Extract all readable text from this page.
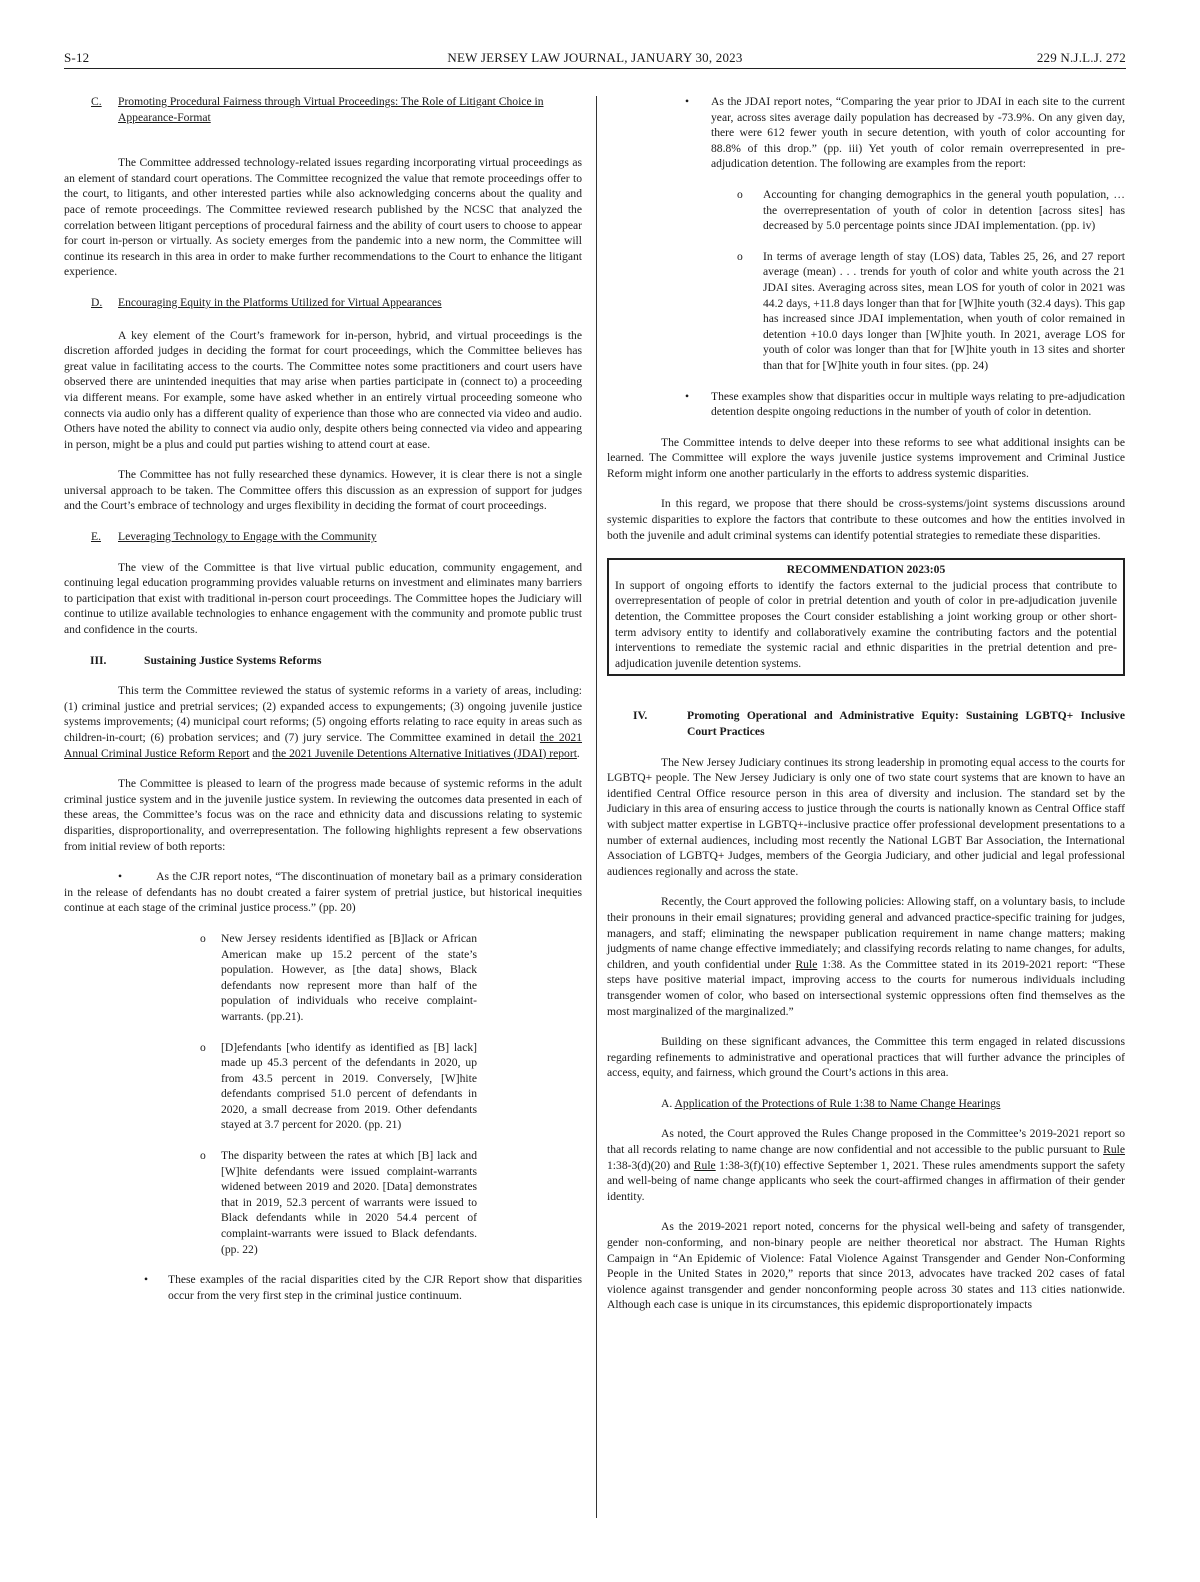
S-12	NEW JERSEY LAW JOURNAL, JANUARY 30, 2023	229 N.J.L.J. 272

C. Promoting Procedural Fairness through Virtual Proceedings: The Role of Litigant Choice in Appearance-Format

The Committee addressed technology-related issues regarding incorporating virtual proceedings as an element of standard court operations. The Committee recognized the value that remote proceedings offer to the court, to litigants, and other interested parties while also acknowledging concerns about the quality and pace of remote proceedings. The Committee reviewed research published by the NCSC that analyzed the correlation between litigant perceptions of procedural fairness and the ability of court users to choose to appear for court in-person or virtually. As society emerges from the pandemic into a new norm, the Committee will continue its research in this area in order to make further recommendations to the Court to enhance the litigant experience.

D. Encouraging Equity in the Platforms Utilized for Virtual Appearances

A key element of the Court’s framework for in-person, hybrid, and virtual proceedings is the discretion afforded judges in deciding the format for court proceedings, which the Committee believes has great value in facilitating access to the courts. The Committee notes some practitioners and court users have observed there are unintended inequities that may arise when parties participate in (connect to) a proceeding via different means. For example, some have asked whether in an entirely virtual proceeding someone who connects via audio only has a different quality of experience than those who are connected via video and audio. Others have noted the ability to connect via audio only, despite others being connected via video and appearing in person, might be a plus and could put parties wishing to attend court at ease.

The Committee has not fully researched these dynamics. However, it is clear there is not a single universal approach to be taken. The Committee offers this discussion as an expression of support for judges and the Court’s embrace of technology and urges flexibility in deciding the format of court proceedings.

E. Leveraging Technology to Engage with the Community

The view of the Committee is that live virtual public education, community engagement, and continuing legal education programming provides valuable returns on investment and eliminates many barriers to participation that exist with traditional in-person court proceedings. The Committee hopes the Judiciary will continue to utilize available technologies to enhance engagement with the community and promote public trust and confidence in the courts.

III.	Sustaining Justice Systems Reforms

This term the Committee reviewed the status of systemic reforms in a variety of areas, including: (1) criminal justice and pretrial services; (2) expanded access to expungements; (3) ongoing juvenile justice systems improvements; (4) municipal court reforms; (5) ongoing efforts relating to race equity in areas such as children-in-court; (6) probation services; and (7) jury service. The Committee examined in detail the 2021 Annual Criminal Justice Reform Report and the 2021 Juvenile Detentions Alternative Initiatives (JDAI) report.

The Committee is pleased to learn of the progress made because of systemic reforms in the adult criminal justice system and in the juvenile justice system. In reviewing the outcomes data presented in each of these areas, the Committee’s focus was on the race and ethnicity data and discussions relating to systemic disparities, disproportionality, and overrepresentation. The following highlights represent a few observations from initial review of both reports:

•	As the CJR report notes, “The discontinuation of monetary bail as a primary consideration in the release of defendants has no doubt created a fairer system of pretrial justice, but historical inequities continue at each stage of the criminal justice process.” (pp. 20)

o New Jersey residents identified as [B]lack or African American make up 15.2 percent of the state’s population. However, as [the data] shows, Black defendants now represent more than half of the population of individuals who receive complaint-warrants. (pp.21).

o [D]efendants [who identify as identified as [B] lack] made up 45.3 percent of the defendants in 2020, up from 43.5 percent in 2019. Conversely, [W]hite defendants comprised 51.0 percent of defendants in 2020, a small decrease from 2019. Other defendants stayed at 3.7 percent for 2020. (pp. 21)

o The disparity between the rates at which [B] lack and [W]hite defendants were issued complaint-warrants widened between 2019 and 2020. [Data] demonstrates that in 2019, 52.3 percent of warrants were issued to Black defendants while in 2020 54.4 percent of complaint-warrants were issued to Black defendants. (pp. 22)

• These examples of the racial disparities cited by the CJR Report show that disparities occur from the very first step in the criminal justice continuum.

• As the JDAI report notes, “Comparing the year prior to JDAI in each site to the current year, across sites average daily population has decreased by -73.9%. On any given day, there were 612 fewer youth in secure detention, with youth of color accounting for 88.8% of this drop.” (pp. iii) Yet youth of color remain overrepresented in pre-adjudication detention. The following are examples from the report:

o Accounting for changing demographics in the general youth population, … the overrepresentation of youth of color in detention [across sites] has decreased by 5.0 percentage points since JDAI implementation. (pp. iv)

o In terms of average length of stay (LOS) data, Tables 25, 26, and 27 report average (mean) . . . trends for youth of color and white youth across the 21 JDAI sites. Averaging across sites, mean LOS for youth of color in 2021 was 44.2 days, +11.8 days longer than that for [W]hite youth (32.4 days). This gap has increased since JDAI implementation, when youth of color remained in detention +10.0 days longer than [W]hite youth. In 2021, average LOS for youth of color was longer than that for [W]hite youth in 13 sites and shorter than that for [W]hite youth in four sites. (pp. 24)

• These examples show that disparities occur in multiple ways relating to pre-adjudication detention despite ongoing reductions in the number of youth of color in detention.

The Committee intends to delve deeper into these reforms to see what additional insights can be learned. The Committee will explore the ways juvenile justice systems improvement and Criminal Justice Reform might inform one another particularly in the efforts to address systemic disparities.

In this regard, we propose that there should be cross-systems/joint systems discussions around systemic disparities to explore the factors that contribute to these outcomes and how the entities involved in both the juvenile and adult criminal systems can identify potential strategies to remediate these disparities.

RECOMMENDATION 2023:05

In support of ongoing efforts to identify the factors external to the judicial process that contribute to overrepresentation of people of color in pretrial detention and youth of color in pre-adjudication juvenile detention, the Committee proposes the Court consider establishing a joint working group or other short-term advisory entity to identify and collaboratively examine the contributing factors and the potential interventions to remediate the systemic racial and ethnic disparities in the pretrial detention and pre-adjudication juvenile detention systems.

IV.	Promoting Operational and Administrative Equity: Sustaining LGBTQ+ Inclusive Court Practices

The New Jersey Judiciary continues its strong leadership in promoting equal access to the courts for LGBTQ+ people. The New Jersey Judiciary is only one of two state court systems that are known to have an identified Central Office resource person in this area of diversity and inclusion. The standard set by the Judiciary in this area of ensuring access to justice through the courts is nationally known as Central Office staff with subject matter expertise in LGBTQ+-inclusive practice offer professional development presentations to a number of external audiences, including most recently the National LGBT Bar Association, the International Association of LGBTQ+ Judges, members of the Georgia Judiciary, and other judicial and legal professional audiences regionally and across the state.

Recently, the Court approved the following policies: Allowing staff, on a voluntary basis, to include their pronouns in their email signatures; providing general and advanced practice-specific training for judges, managers, and staff; eliminating the newspaper publication requirement in name change matters; making judgments of name change effective immediately; and classifying records relating to name changes, for adults, children, and youth confidential under Rule 1:38. As the Committee stated in its 2019-2021 report: “These steps have positive material impact, improving access to the courts for numerous individuals including transgender women of color, who based on intersectional systemic oppressions often find themselves as the most marginalized of the marginalized.”

Building on these significant advances, the Committee this term engaged in related discussions regarding refinements to administrative and operational practices that will further advance the principles of access, equity, and fairness, which ground the Court’s actions in this area.

A. Application of the Protections of Rule 1:38 to Name Change Hearings

As noted, the Court approved the Rules Change proposed in the Committee’s 2019-2021 report so that all records relating to name change are now confidential and not accessible to the public pursuant to Rule 1:38-3(d)(20) and Rule 1:38-3(f)(10) effective September 1, 2021. These rules amendments support the safety and well-being of name change applicants who seek the court-affirmed changes in affirmation of their gender identity.

As the 2019-2021 report noted, concerns for the physical well-being and safety of transgender, gender non-conforming, and non-binary people are neither theoretical nor abstract. The Human Rights Campaign in “An Epidemic of Violence: Fatal Violence Against Transgender and Gender Non-Conforming People in the United States in 2020,” reports that since 2013, advocates have tracked 202 cases of fatal violence against transgender and gender nonconforming people across 30 states and 113 cities nationwide. Although each case is unique in its circumstances, this epidemic disproportionately impacts
